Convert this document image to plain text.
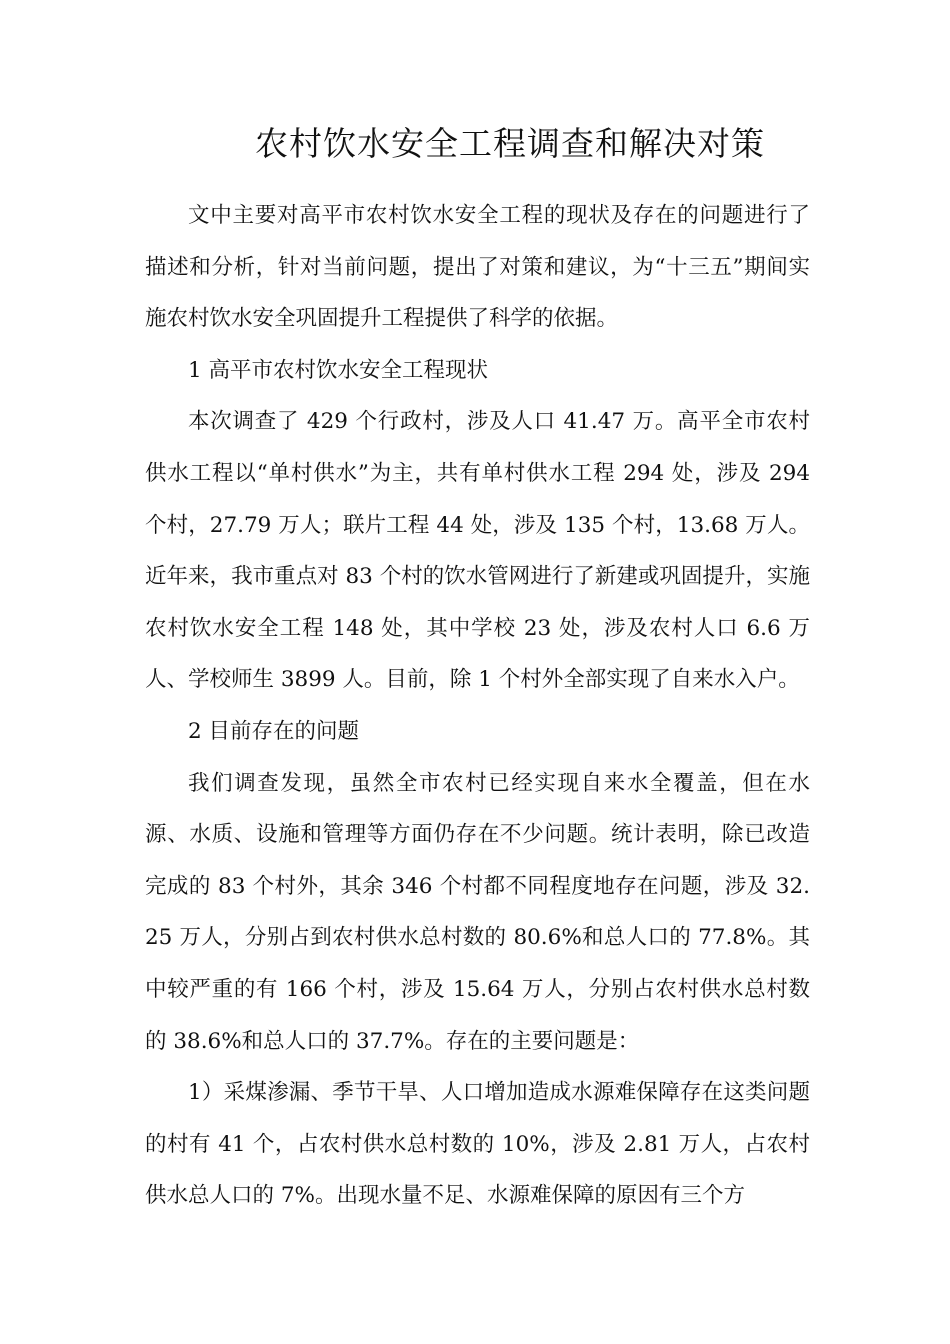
农村饮水安全工程调查和解决对策

文中主要对高平市农村饮水安全工程的现状及存在的问题进行了描述和分析，针对当前问题，提出了对策和建议，为“十三五”期间实施农村饮水安全巩固提升工程提供了科学的依据。

1 高平市农村饮水安全工程现状

本次调查了 429 个行政村，涉及人口 41.47 万。高平全市农村供水工程以“单村供水”为主，共有单村供水工程 294 处，涉及 294 个村，27.79 万人；联片工程 44 处，涉及 135 个村，13.68 万人。近年来，我市重点对 83 个村的饮水管网进行了新建或巩固提升，实施农村饮水安全工程 148 处，其中学校 23 处，涉及农村人口 6.6 万人、学校师生 3899 人。目前，除 1 个村外全部实现了自来水入户。

2 目前存在的问题

我们调查发现，虽然全市农村已经实现自来水全覆盖，但在水源、水质、设施和管理等方面仍存在不少问题。统计表明，除已改造完成的 83 个村外，其余 346 个村都不同程度地存在问题，涉及 32.25 万人，分别占到农村供水总村数的 80.6%和总人口的 77.8%。其中较严重的有 166 个村，涉及 15.64 万人，分别占农村供水总村数的 38.6%和总人口的 37.7%。存在的主要问题是：

1）采煤渗漏、季节干旱、人口增加造成水源难保障存在这类问题的村有 41 个，占农村供水总村数的 10%，涉及 2.81 万人，占农村供水总人口的 7%。出现水量不足、水源难保障的原因有三个方
